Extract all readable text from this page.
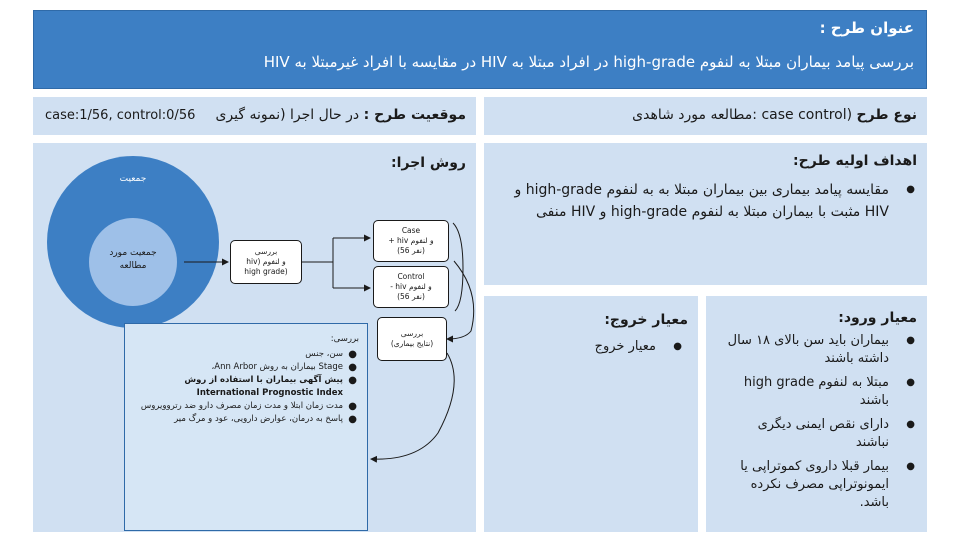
عنوان طرح :
بررسی پیامد بیماران مبتلا به لنفوم high-grade در افراد مبتلا به HIV در مقایسه با افراد غیرمبتلا به HIV
موقعیت طرح : در حال اجرا (نمونه گیری
case:1/56, control:0/56	نوع طرح (case control :مطالعه مورد شاهدی
اهداف اولیه طرح:
● مقایسه پیامد بیماری بین بیماران مبتلا به به لنفوم high-grade و HIV مثبت با بیماران مبتلا به لنفوم high-grade و HIV منفی
معیار خروج:
● معیار خروج
معیار ورود:
● بیماران باید سن بالای ۱۸ سال داشته باشند
● مبتلا به لنفوم high grade باشند
● دارای نقص ایمنی دیگری نباشند
● بیمار قبلا داروی کموتراپی یا ایمونوتراپی مصرف نکرده باشد.
روش اجرا:
جمعیت
جمعیت مورد مطالعه
بررسی
hiv) و لنفوم
high grade)
Case
+ hiv و لنفوم
(56 نفر)
Control
- hiv و لنفوم
(56 نفر)
بررسی
(نتایج بیماری)
بررسی:
● سن، جنس
● Stage بیماران به روش Ann Arbor،
● پیش آگهی بیماران با استفاده از روش International Prognostic Index
● مدت زمان ابتلا و مدت زمان مصرف دارو ضد رتروویروس
● پاسخ به درمان، عوارض دارویی، عود و مرگ میر
